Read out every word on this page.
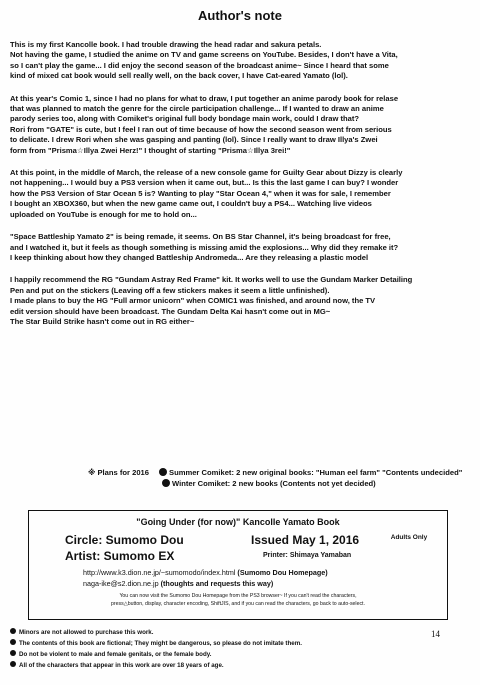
Author's note
This is my first Kancolle book. I had trouble drawing the head radar and sakura petals.
Not having the game, I studied the anime on TV and game screens on YouTube. Besides, I don't have a Vita,
so I can't play the game... I did enjoy the second season of the broadcast anime~ Since I heard that some
kind of mixed cat book would sell really well, on the back cover, I have Cat-eared Yamato (lol).
At this year's Comic 1, since I had no plans for what to draw, I put together an anime parody book for relase
that was planned to match the genre for the circle participation challenge... If I wanted to draw an anime
parody series too, along with Comiket's original full body bondage main work, could I draw that?
Rori from "GATE" is cute, but I feel I ran out of time because of how the second season went from serious
to delicate. I drew Rori when she was gasping and panting (lol). Since I really want to draw Illya's Zwei
form from "Prisma☆Illya Zwei Herz!" I thought of starting "Prisma☆Illya 3rei!"
At this point, in the middle of March, the release of a new console game for Guilty Gear about Dizzy is clearly
not happening... I would buy a PS3 version when it came out, but... Is this the last game I can buy? I wonder
how the PS3 Version of Star Ocean 5 is? Wanting to play "Star Ocean 4," when it was for sale, I remember
I bought an XBOX360, but when the new game came out, I couldn't buy a PS4... Watching live videos
uploaded on YouTube is enough for me to hold on...
"Space Battleship Yamato 2" is being remade, it seems. On BS Star Channel, it's being broadcast for free,
and I watched it, but it feels as though something is missing amid the explosions... Why did they remake it?
I keep thinking about how they changed Battleship Andromeda... Are they releasing a plastic model
I happily recommend the RG "Gundam Astray Red Frame" kit. It works well to use the Gundam Marker Detailing
Pen and put on the stickers (Leaving off a few stickers makes it seem a little unfinished).
I made plans to buy the HG "Full armor unicorn" when COMIC1 was finished, and around now, the TV
edit version should have been broadcast. The Gundam Delta Kai hasn't come out in MG~
The Star Build Strike hasn't come out in RG either~
※ Plans for 2016	Summer Comiket: 2 new original books: "Human eel farm" "Contents undecided"
Winter Comiket: 2 new books (Contents not yet decided)
"Going Under (for now)" Kancolle Yamato Book
Circle: Sumomo Dou	Issued May 1, 2016	Adults Only
Artist: Sumomo EX	Printer: Shimaya Yamaban
http://www.k3.dion.ne.jp/~sumomodo/index.html (Sumomo Dou Homepage)
naga-ike@s2.dion.ne.jp (thoughts and requests this way)
You can now visit the Sumomo Dou Homepage from the PS3 browser~ If you can't read the characters,
press△button, display, character encoding, ShiftJIS, and if you can read the characters, go back to auto-select.
Minors are not allowed to purchase this work.
The contents of this book are fictional; They might be dangerous, so please do not imitate them.
Do not be violent to male and female genitals, or the female body.
All of the characters that appear in this work are over 18 years of age.
14
